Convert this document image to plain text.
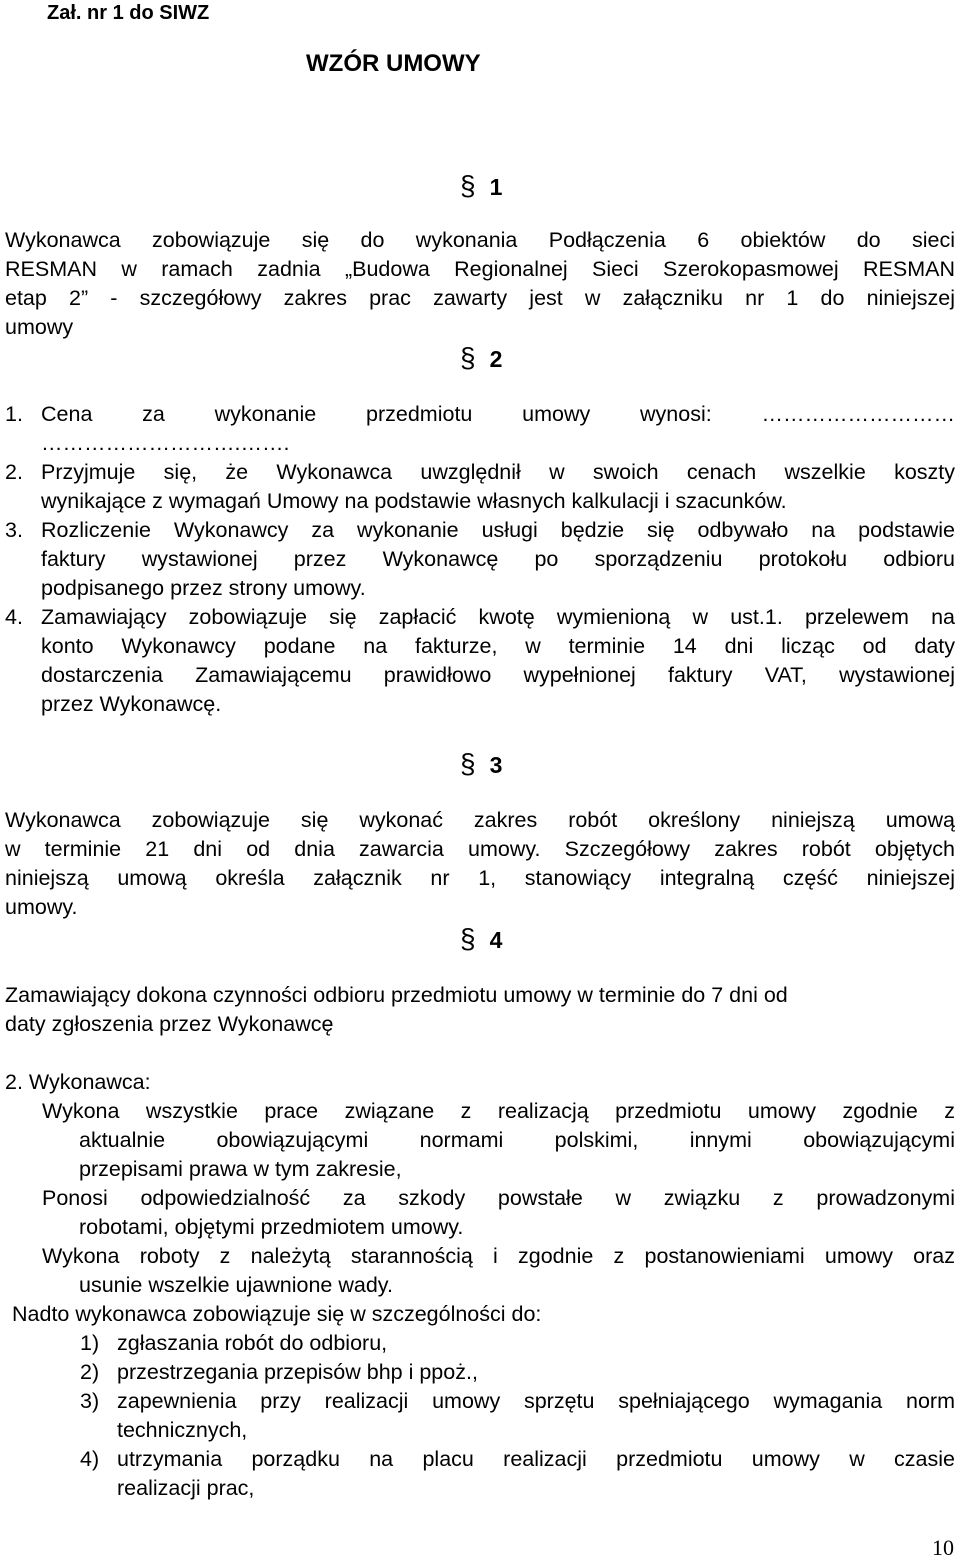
Zał. nr 1 do SIWZ
WZÓR UMOWY
§ 1
Wykonawca zobowiązuje się do wykonania Podłączenia 6 obiektów do sieci
RESMAN w ramach zadnia „Budowa Regionalnej Sieci Szerokopasmowej RESMAN
etap 2” - szczegółowy zakres prac zawarty jest w załączniku nr 1 do niniejszej
umowy
§ 2
1. Cena za wykonanie przedmiotu umowy wynosi: ………………………
……………………….…….
2. Przyjmuje się, że Wykonawca uwzględnił w swoich cenach wszelkie koszty
wynikające z wymagań Umowy na podstawie własnych kalkulacji i szacunków.
3. Rozliczenie Wykonawcy za wykonanie usługi będzie się odbywało na podstawie
faktury wystawionej przez Wykonawcę po sporządzeniu protokołu odbioru
podpisanego przez strony umowy.
4. Zamawiający zobowiązuje się zapłacić kwotę wymienioną w ust.1. przelewem na
konto Wykonawcy podane na fakturze, w terminie 14 dni licząc od daty
dostarczenia Zamawiającemu prawidłowo wypełnionej faktury VAT, wystawionej
przez Wykonawcę.
§ 3
Wykonawca zobowiązuje się wykonać zakres robót określony niniejszą umową
w terminie 21 dni od dnia zawarcia umowy. Szczegółowy zakres robót objętych
niniejszą umową określa załącznik nr 1, stanowiący integralną część niniejszej
umowy.
§ 4
Zamawiający dokona czynności odbioru przedmiotu umowy w terminie do 7 dni od
daty zgłoszenia przez Wykonawcę
2. Wykonawca:
Wykona wszystkie prace związane z realizacją przedmiotu umowy zgodnie z
aktualnie obowiązującymi normami polskimi, innymi obowiązującymi
przepisami prawa w tym zakresie,
Ponosi odpowiedzialność za szkody powstałe w związku z prowadzonymi
robotami, objętymi przedmiotem umowy.
Wykona roboty z należytą starannością i zgodnie z postanowieniami umowy oraz
usunie wszelkie ujawnione wady.
Nadto wykonawca zobowiązuje się w szczególności do:
1) zgłaszania robót do odbioru,
2) przestrzegania przepisów bhp i ppoż.,
3) zapewnienia przy realizacji umowy sprzętu spełniającego wymagania norm
technicznych,
4) utrzymania porządku na placu realizacji przedmiotu umowy w czasie
realizacji prac,
10
